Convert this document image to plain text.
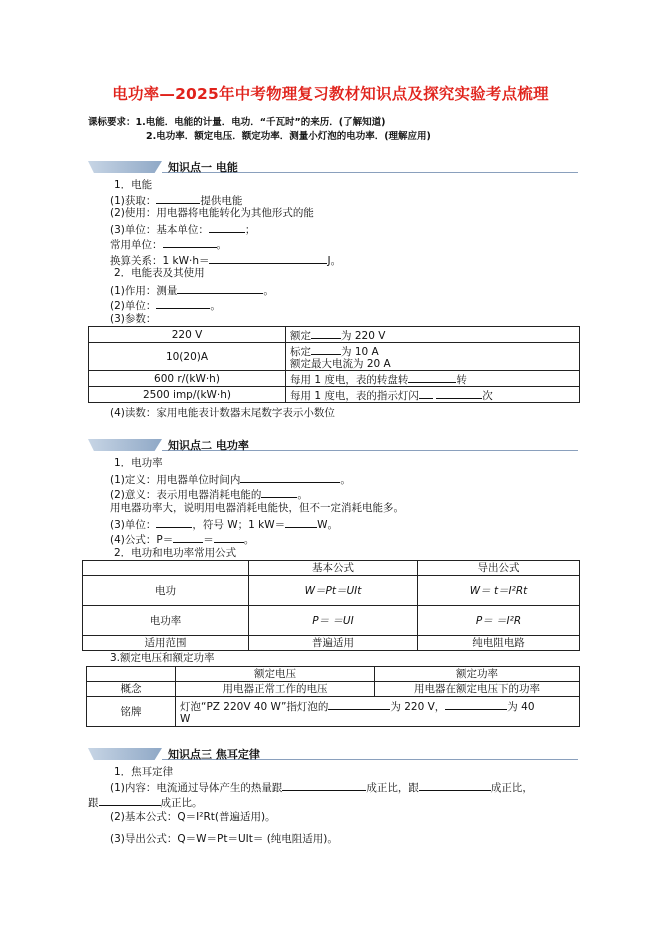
电功率—2025年中考物理复习教材知识点及探究实验考点梳理
课标要求：1.电能．电能的计量．电功．“千瓦时”的来历．(了解知道)
2.电功率．额定电压．额定功率．测量小灯泡的电功率．(理解应用)
知识点一 电能
1．电能
(1)获取：	提供电能
(2)使用：用电器将电能转化为其他形式的能
(3)单位：基本单位：	；
常用单位：	。
换算关系：1 kW·h＝	J。
2．电能表及其使用
(1)作用：测量	。
(2)单位：	。
(3)参数：
220 V	额定 为 220 V
10(20)A	标定 为 10 A
额定最大电流为 20 A
600 r/(kW·h)	每用 1 度电，表的转盘转 转
2500 imp/(kW·h)	每用 1 度电，表的指示灯闪 次
(4)读数：家用电能表计数器末尾数字表示小数位
知识点二 电功率
1．电功率
(1)定义：用电器单位时间内	。
(2)意义：表示用电器消耗电能的	。
用电器功率大，说明用电器消耗电能快，但不一定消耗电能多。
(3)单位：	，符号 W；1 kW＝	W。
(4)公式：P＝	＝	。
2．电功和电功率常用公式
	基本公式	导出公式
电功	W＝Pt＝UIt	W＝ t＝I²Rt
电功率	P＝ ＝UI	P＝ ＝I²R
适用范围	普遍适用	纯电阻电路
3.额定电压和额定功率
	额定电压	额定功率
概念	用电器正常工作的电压	用电器在额定电压下的功率
铭牌	灯泡“PZ 220V 40 W”指灯泡的 为 220 V， 为 40
W	
知识点三 焦耳定律
1．焦耳定律
(1)内容：电流通过导体产生的热量跟	成正比，跟	成正比，
跟	成正比。
(2)基本公式：Q＝I²Rt(普遍适用)。
(3)导出公式：Q＝W＝Pt＝UIt＝ (纯电阻适用)。
